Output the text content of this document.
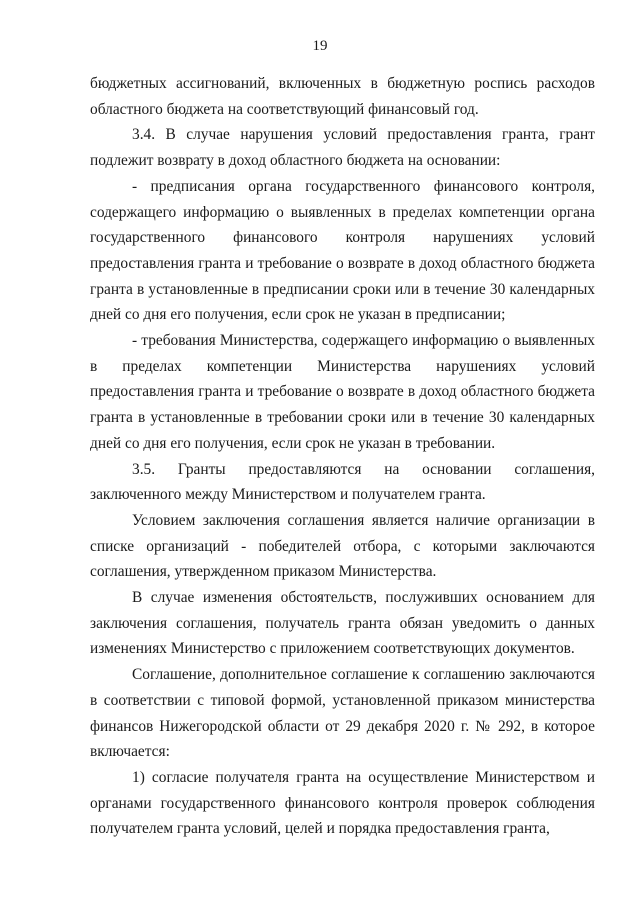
19

бюджетных ассигнований, включенных в бюджетную роспись расходов областного бюджета на соответствующий финансовый год.

3.4. В случае нарушения условий предоставления гранта, грант подлежит возврату в доход областного бюджета на основании:

- предписания органа государственного финансового контроля, содержащего информацию о выявленных в пределах компетенции органа государственного финансового контроля нарушениях условий предоставления гранта и требование о возврате в доход областного бюджета гранта в установленные в предписании сроки или в течение 30 календарных дней со дня его получения, если срок не указан в предписании;

- требования Министерства, содержащего информацию о выявленных в пределах компетенции Министерства нарушениях условий предоставления гранта и требование о возврате в доход областного бюджета гранта в установленные в требовании сроки или в течение 30 календарных дней со дня его получения, если срок не указан в требовании.

3.5. Гранты предоставляются на основании соглашения, заключенного между Министерством и получателем гранта.

Условием заключения соглашения является наличие организации в списке организаций - победителей отбора, с которыми заключаются соглашения, утвержденном приказом Министерства.

В случае изменения обстоятельств, послуживших основанием для заключения соглашения, получатель гранта обязан уведомить о данных изменениях Министерство с приложением соответствующих документов.

Соглашение, дополнительное соглашение к соглашению заключаются в соответствии с типовой формой, установленной приказом министерства финансов Нижегородской области от 29 декабря 2020 г. № 292, в которое включается:

1) согласие получателя гранта на осуществление Министерством и органами государственного финансового контроля проверок соблюдения получателем гранта условий, целей и порядка предоставления гранта,
